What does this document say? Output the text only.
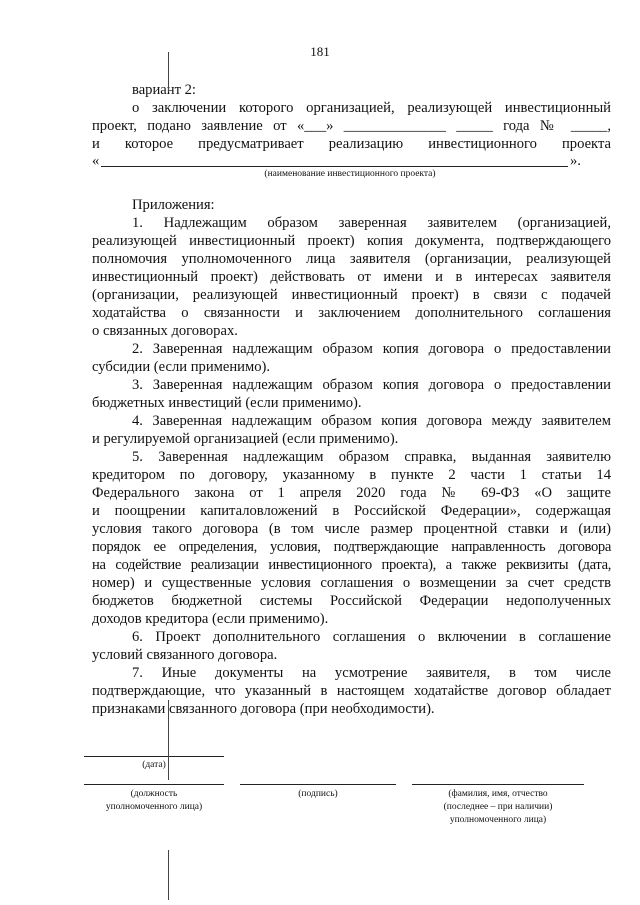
181
вариант 2:
о заключении которого организацией, реализующей инвестиционный
проект, подано заявление от «___» ______________ _____ года № _____,
и которое предусматривает реализацию инвестиционного проекта
«	».
(наименование инвестиционного проекта)
Приложения:
1. Надлежащим образом заверенная заявителем (организацией,
реализующей инвестиционный проект) копия документа, подтверждающего
полномочия уполномоченного лица заявителя (организации, реализующей
инвестиционный проект) действовать от имени и в интересах заявителя
(организации, реализующей инвестиционный проект) в связи с подачей
ходатайства о связанности и заключением дополнительного соглашения
о связанных договорах.
2. Заверенная надлежащим образом копия договора о предоставлении
субсидии (если применимо).
3. Заверенная надлежащим образом копия договора о предоставлении
бюджетных инвестиций (если применимо).
4. Заверенная надлежащим образом копия договора между заявителем
и регулируемой организацией (если применимо).
5. Заверенная надлежащим образом справка, выданная заявителю
кредитором по договору, указанному в пункте 2 части 1 статьи 14
Федерального закона от 1 апреля 2020 года № 69-ФЗ «О защите
и поощрении капиталовложений в Российской Федерации», содержащая
условия такого договора (в том числе размер процентной ставки и (или)
порядок ее определения, условия, подтверждающие направленность договора
на содействие реализации инвестиционного проекта), а также реквизиты (дата,
номер) и существенные условия соглашения о возмещении за счет средств
бюджетов бюджетной системы Российской Федерации недополученных
доходов кредитора (если применимо).
6. Проект дополнительного соглашения о включении в соглашение
условий связанного договора.
7. Иные документы на усмотрение заявителя, в том числе
подтверждающие, что указанный в настоящем ходатайстве договор обладает
признаками связанного договора (при необходимости).
(дата)
(должность
уполномоченного лица)
(подпись)	(фамилия, имя, отчество
(последнее – при наличии)
уполномоченного лица)
